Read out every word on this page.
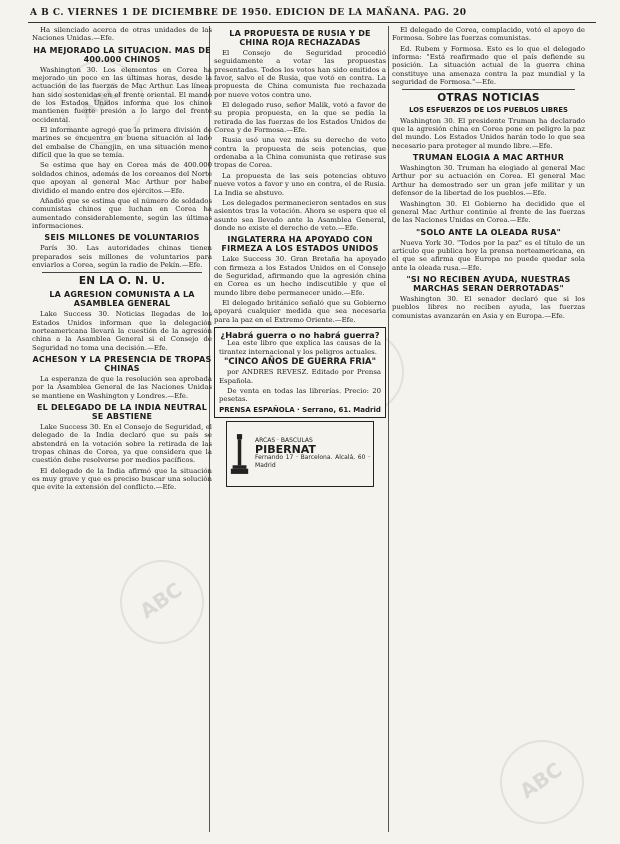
ABC
ABC
ABC
A B C. VIERNES 1 DE DICIEMBRE DE 1950. EDICION DE LA MAÑANA. PAG. 20

Ha silenciado acerca de otras unidades de las Naciones Unidas.—Efe.

HA MEJORADO LA SITUACION. MAS DE 400.000 CHINOS

Washington 30. Los elementos en Corea ha mejorado un poco en las últimas horas, desde la actuación de las fuerzas de Mac Arthur. Las líneas han sido sostenidas en el frente oriental. El mando de los Estados Unidos informa que los chinos mantienen fuerte presión a lo largo del frente occidental.

El informante agregó que la primera división de marines se encuentra en buena situación al lado del embalse de Changjin, en una situación menos difícil que la que se temía.

Se estima que hay en Corea más de 400.000 soldados chinos, además de los coreanos del Norte que apoyan al general Mac Arthur por haber dividido el mando entre dos ejércitos.—Efe.

Añadió que se estima que el número de soldados comunistas chinos que luchan en Corea ha aumentado considerablemente, según las últimas informaciones.

SEIS MILLONES DE VOLUNTARIOS

París 30. Las autoridades chinas tienen preparados seis millones de voluntarios para enviarlos a Corea, según la radio de Pekín.—Efe.

EN LA O. N. U.
LA AGRESION COMUNISTA A LA ASAMBLEA GENERAL

Lake Success 30. Noticias llegadas de los Estados Unidos informan que la delegación norteamericana llevará la cuestión de la agresión china a la Asamblea General si el Consejo de Seguridad no toma una decisión.—Efe.

ACHESON Y LA PRESENCIA DE TROPAS CHINAS

La esperanza de que la resolución sea aprobada por la Asamblea General de las Naciones Unidas se mantiene en Washington y Londres.—Efe.

EL DELEGADO DE LA INDIA NEUTRAL SE ABSTIENE

Lake Success 30. En el Consejo de Seguridad, el delegado de la India declaró que su país se abstendrá en la votación sobre la retirada de las tropas chinas de Corea, ya que considera que la cuestión debe resolverse por medios pacíficos.

El delegado de la India afirmó que la situación es muy grave y que es preciso buscar una solución que evite la extensión del conflicto.—Efe.

LA PROPUESTA DE RUSIA Y DE CHINA ROJA RECHAZADAS

El Consejo de Seguridad procedió seguidamente a votar las propuestas presentadas. Todos los votos han sido emitidos a favor, salvo el de Rusia, que votó en contra. La propuesta de China comunista fue rechazada por nueve votos contra uno.

El delegado ruso, señor Malik, votó a favor de su propia propuesta, en la que se pedía la retirada de las fuerzas de los Estados Unidos de Corea y de Formosa.—Efe.

Rusia usó una vez más su derecho de veto contra la propuesta de seis potencias, que ordenaba a la China comunista que retirase sus tropas de Corea.

La propuesta de las seis potencias obtuvo nueve votos a favor y uno en contra, el de Rusia. La India se abstuvo.

Los delegados permanecieron sentados en sus asientos tras la votación. Ahora se espera que el asunto sea llevado ante la Asamblea General, donde no existe el derecho de veto.—Efe.

INGLATERRA HA APOYADO CON FIRMEZA A LOS ESTADOS UNIDOS

Lake Success 30. Gran Bretaña ha apoyado con firmeza a los Estados Unidos en el Consejo de Seguridad, afirmando que la agresión china en Corea es un hecho indiscutible y que el mundo libre debe permanecer unido.—Efe.

El delegado británico señaló que su Gobierno apoyará cualquier medida que sea necesaria para la paz en el Extremo Oriente.—Efe.

¿Habrá guerra o no habrá guerra?

Lea este libro que explica las causas de la tirantez internacional y los peligros actuales.

"CINCO AÑOS DE GUERRA FRIA"

por ANDRES REVESZ. Editado por Prensa Española.

De venta en todas las librerías. Precio: 20 pesetas.

PRENSA ESPAÑOLA · Serrano, 61. Madrid
ARCAS · BASCULAS
PIBERNAT
Fernando 17 · Barcelona. Alcalá, 60 · Madrid

El delegado de Corea, complacido, votó el apoyo de Formosa. Sobre las fuerzas comunistas.

Ed. Rubem y Formosa. Esto es lo que el delegado informa: "Está reafirmado que el país defiende su posición. La situación actual de la guerra china constituye una amenaza contra la paz mundial y la seguridad de Formosa."—Efe.

OTRAS NOTICIAS
LOS ESFUERZOS DE LOS PUEBLOS LIBRES

Washington 30. El presidente Truman ha declarado que la agresión china en Corea pone en peligro la paz del mundo. Los Estados Unidos harán todo lo que sea necesario para proteger al mundo libre.—Efe.

TRUMAN ELOGIA A MAC ARTHUR

Washington 30. Truman ha elogiado al general Mac Arthur por su actuación en Corea. El general Mac Arthur ha demostrado ser un gran jefe militar y un defensor de la libertad de los pueblos.—Efe.

Washington 30. El Gobierno ha decidido que el general Mac Arthur continúe al frente de las fuerzas de las Naciones Unidas en Corea.—Efe.

"SOLO ANTE LA OLEADA RUSA"

Nueva York 30. "Todos por la paz" es el título de un artículo que publica hoy la prensa norteamericana, en el que se afirma que Europa no puede quedar sola ante la oleada rusa.—Efe.

"SI NO RECIBEN AYUDA, NUESTRAS MARCHAS SERAN DERROTADAS"

Washington 30. El senador declaró que si los pueblos libres no reciben ayuda, las fuerzas comunistas avanzarán en Asia y en Europa.—Efe.
